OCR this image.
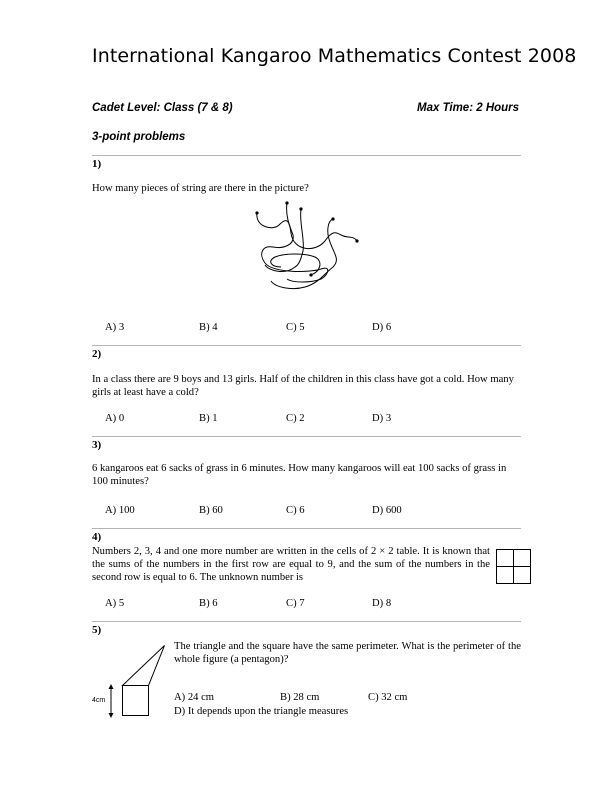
International Kangaroo Mathematics Contest 2008
Cadet Level: Class (7 & 8)	Max Time: 2 Hours
3-point problems
1)
How many pieces of string are there in the picture?
A) 3	B) 4	C) 5	D) 6
2)
In a class there are 9 boys and 13 girls. Half of the children in this class have got a cold. How many girls at least have a cold?
A) 0	B) 1	C) 2	D) 3
3)
6 kangaroos eat 6 sacks of grass in 6 minutes. How many kangaroos will eat 100 sacks of grass in 100 minutes?
A) 100	B) 60	C) 6	D) 600
4)
Numbers 2, 3, 4 and one more number are written in the cells of 2 × 2 table. It is known that the sums of the numbers in the first row are equal to 9, and the sum of the numbers in the second row is equal to 6. The unknown number is
A) 5	B) 6	C) 7	D) 8
5)
The triangle and the square have the same perimeter. What is the perimeter of the whole figure (a pentagon)?
4cm	A) 24 cm	B) 28 cm	C) 32 cm
D) It depends upon the triangle measures
